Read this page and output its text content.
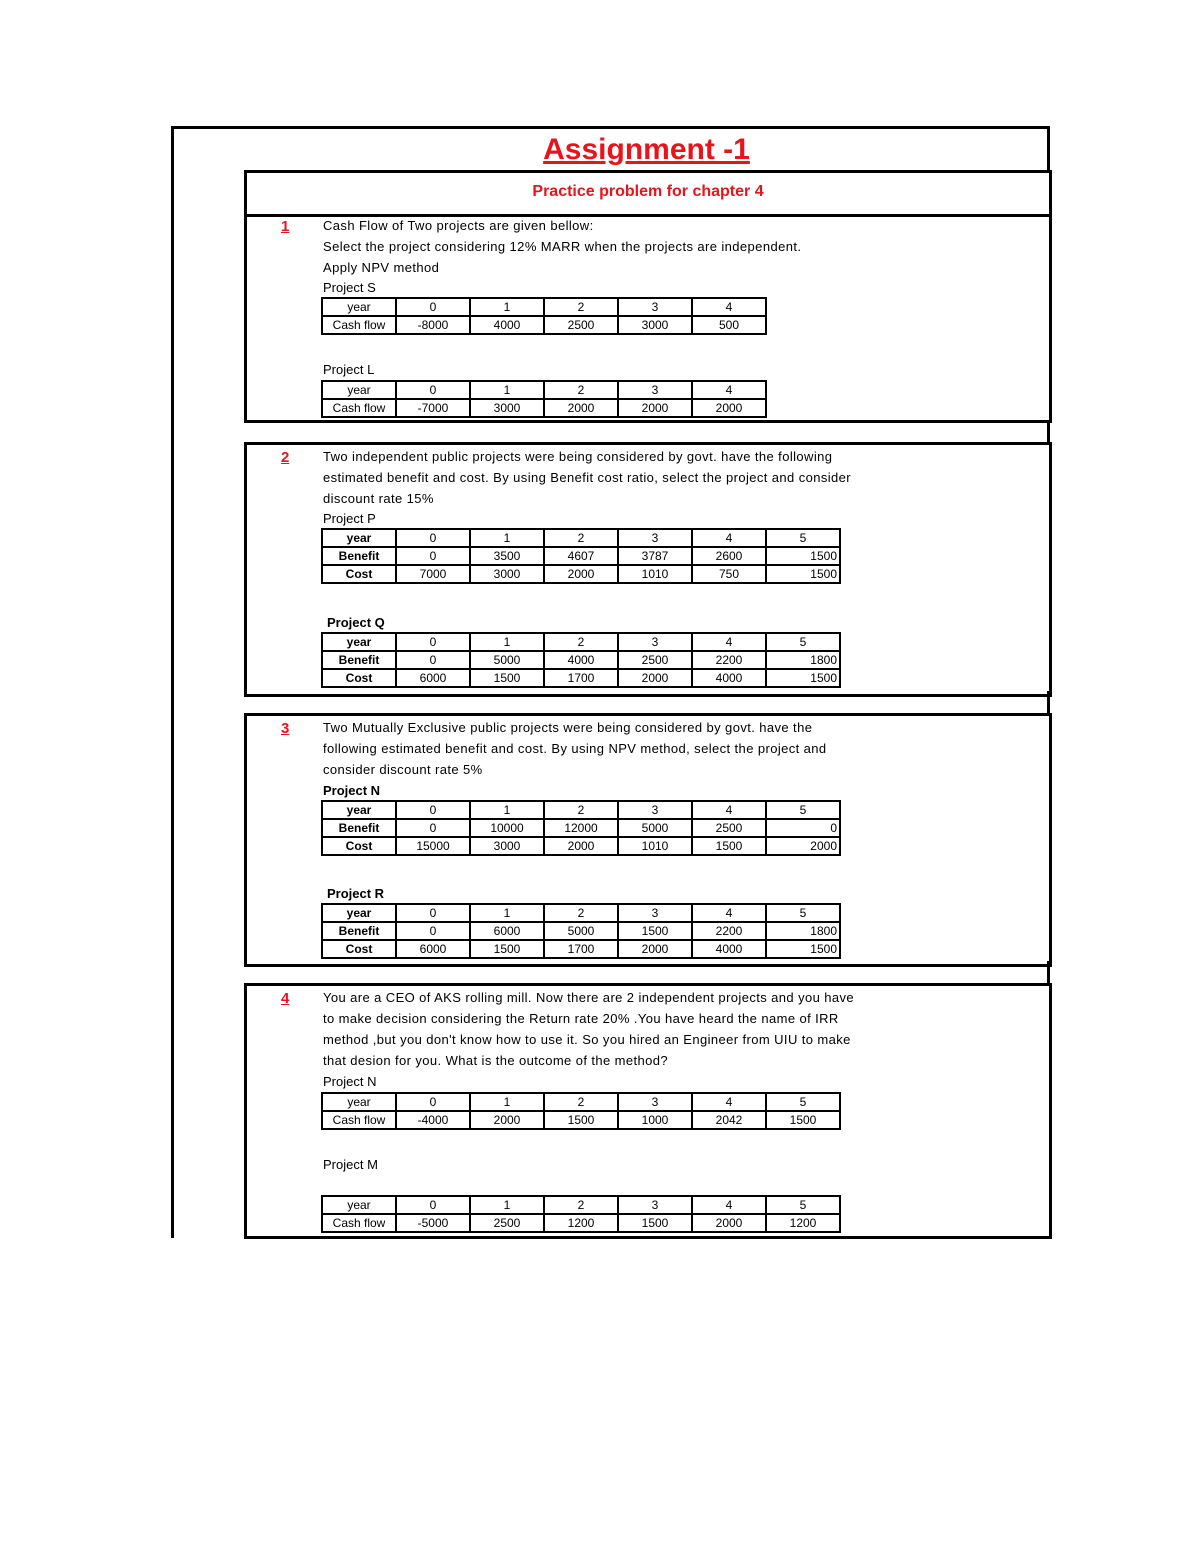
Assignment -1
Practice problem for chapter 4
1	Cash Flow of Two projects are given bellow:
Select the project considering 12% MARR when the projects are independent.
Apply NPV method
Project S
year	0	1	2	3	4
Cash flow	-8000	4000	2500	3000	500
Project L
year	0	1	2	3	4
Cash flow	-7000	3000	2000	2000	2000
2	Two independent public projects were being considered by govt. have the following
estimated benefit and cost. By using Benefit cost ratio, select the project and consider
discount rate 15%
Project P
year	0	1	2	3	4	5
Benefit	0	3500	4607	3787	2600	1500
Cost	7000	3000	2000	1010	750	1500
Project Q
year	0	1	2	3	4	5
Benefit	0	5000	4000	2500	2200	1800
Cost	6000	1500	1700	2000	4000	1500
3	Two Mutually Exclusive public projects were being considered by govt. have the
following estimated benefit and cost. By using NPV method, select the project and
consider discount rate 5%
Project N
year	0	1	2	3	4	5
Benefit	0	10000	12000	5000	2500	0
Cost	15000	3000	2000	1010	1500	2000
Project R
year	0	1	2	3	4	5
Benefit	0	6000	5000	1500	2200	1800
Cost	6000	1500	1700	2000	4000	1500
4	You are a CEO of AKS rolling mill. Now there are 2 independent projects and you have
to make decision considering the Return rate 20% .You have heard the name of IRR
method ,but you don't know how to use it. So you hired an Engineer from UIU to make
that desion for you. What is the outcome of the method?
Project N
year	0	1	2	3	4	5
Cash flow	-4000	2000	1500	1000	2042	1500
Project M
year	0	1	2	3	4	5
Cash flow	-5000	2500	1200	1500	2000	1200
